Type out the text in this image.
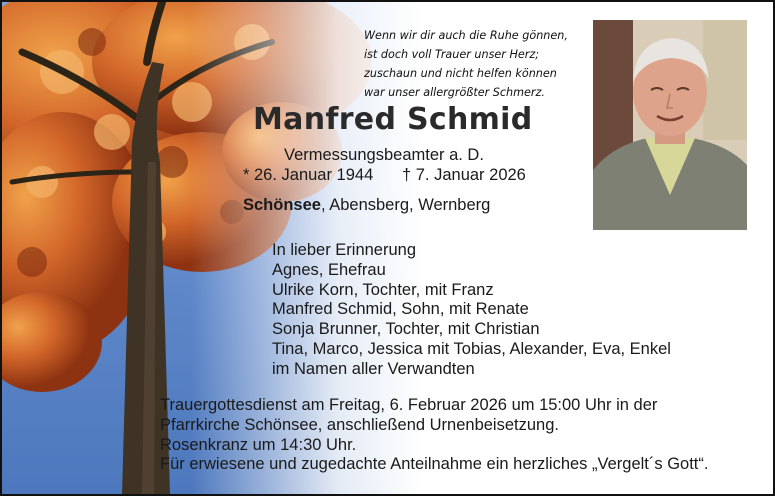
Wenn wir dir auch die Ruhe gönnen,
ist doch voll Trauer unser Herz;
zuschaun und nicht helfen können
war unser allergrößter Schmerz.
Manfred Schmid
Vermessungsbeamter a. D.
* 26. Januar 1944 † 7. Januar 2026
Schönsee, Abensberg, Wernberg
In lieber Erinnerung
Agnes, Ehefrau
Ulrike Korn, Tochter, mit Franz
Manfred Schmid, Sohn, mit Renate
Sonja Brunner, Tochter, mit Christian
Tina, Marco, Jessica mit Tobias, Alexander, Eva, Enkel
im Namen aller Verwandten
Trauergottesdienst am Freitag, 6. Februar 2026 um 15:00 Uhr in der
Pfarrkirche Schönsee, anschließend Urnenbeisetzung.
Rosenkranz um 14:30 Uhr.
Für erwiesene und zugedachte Anteilnahme ein herzliches „Vergelt´s Gott“.
